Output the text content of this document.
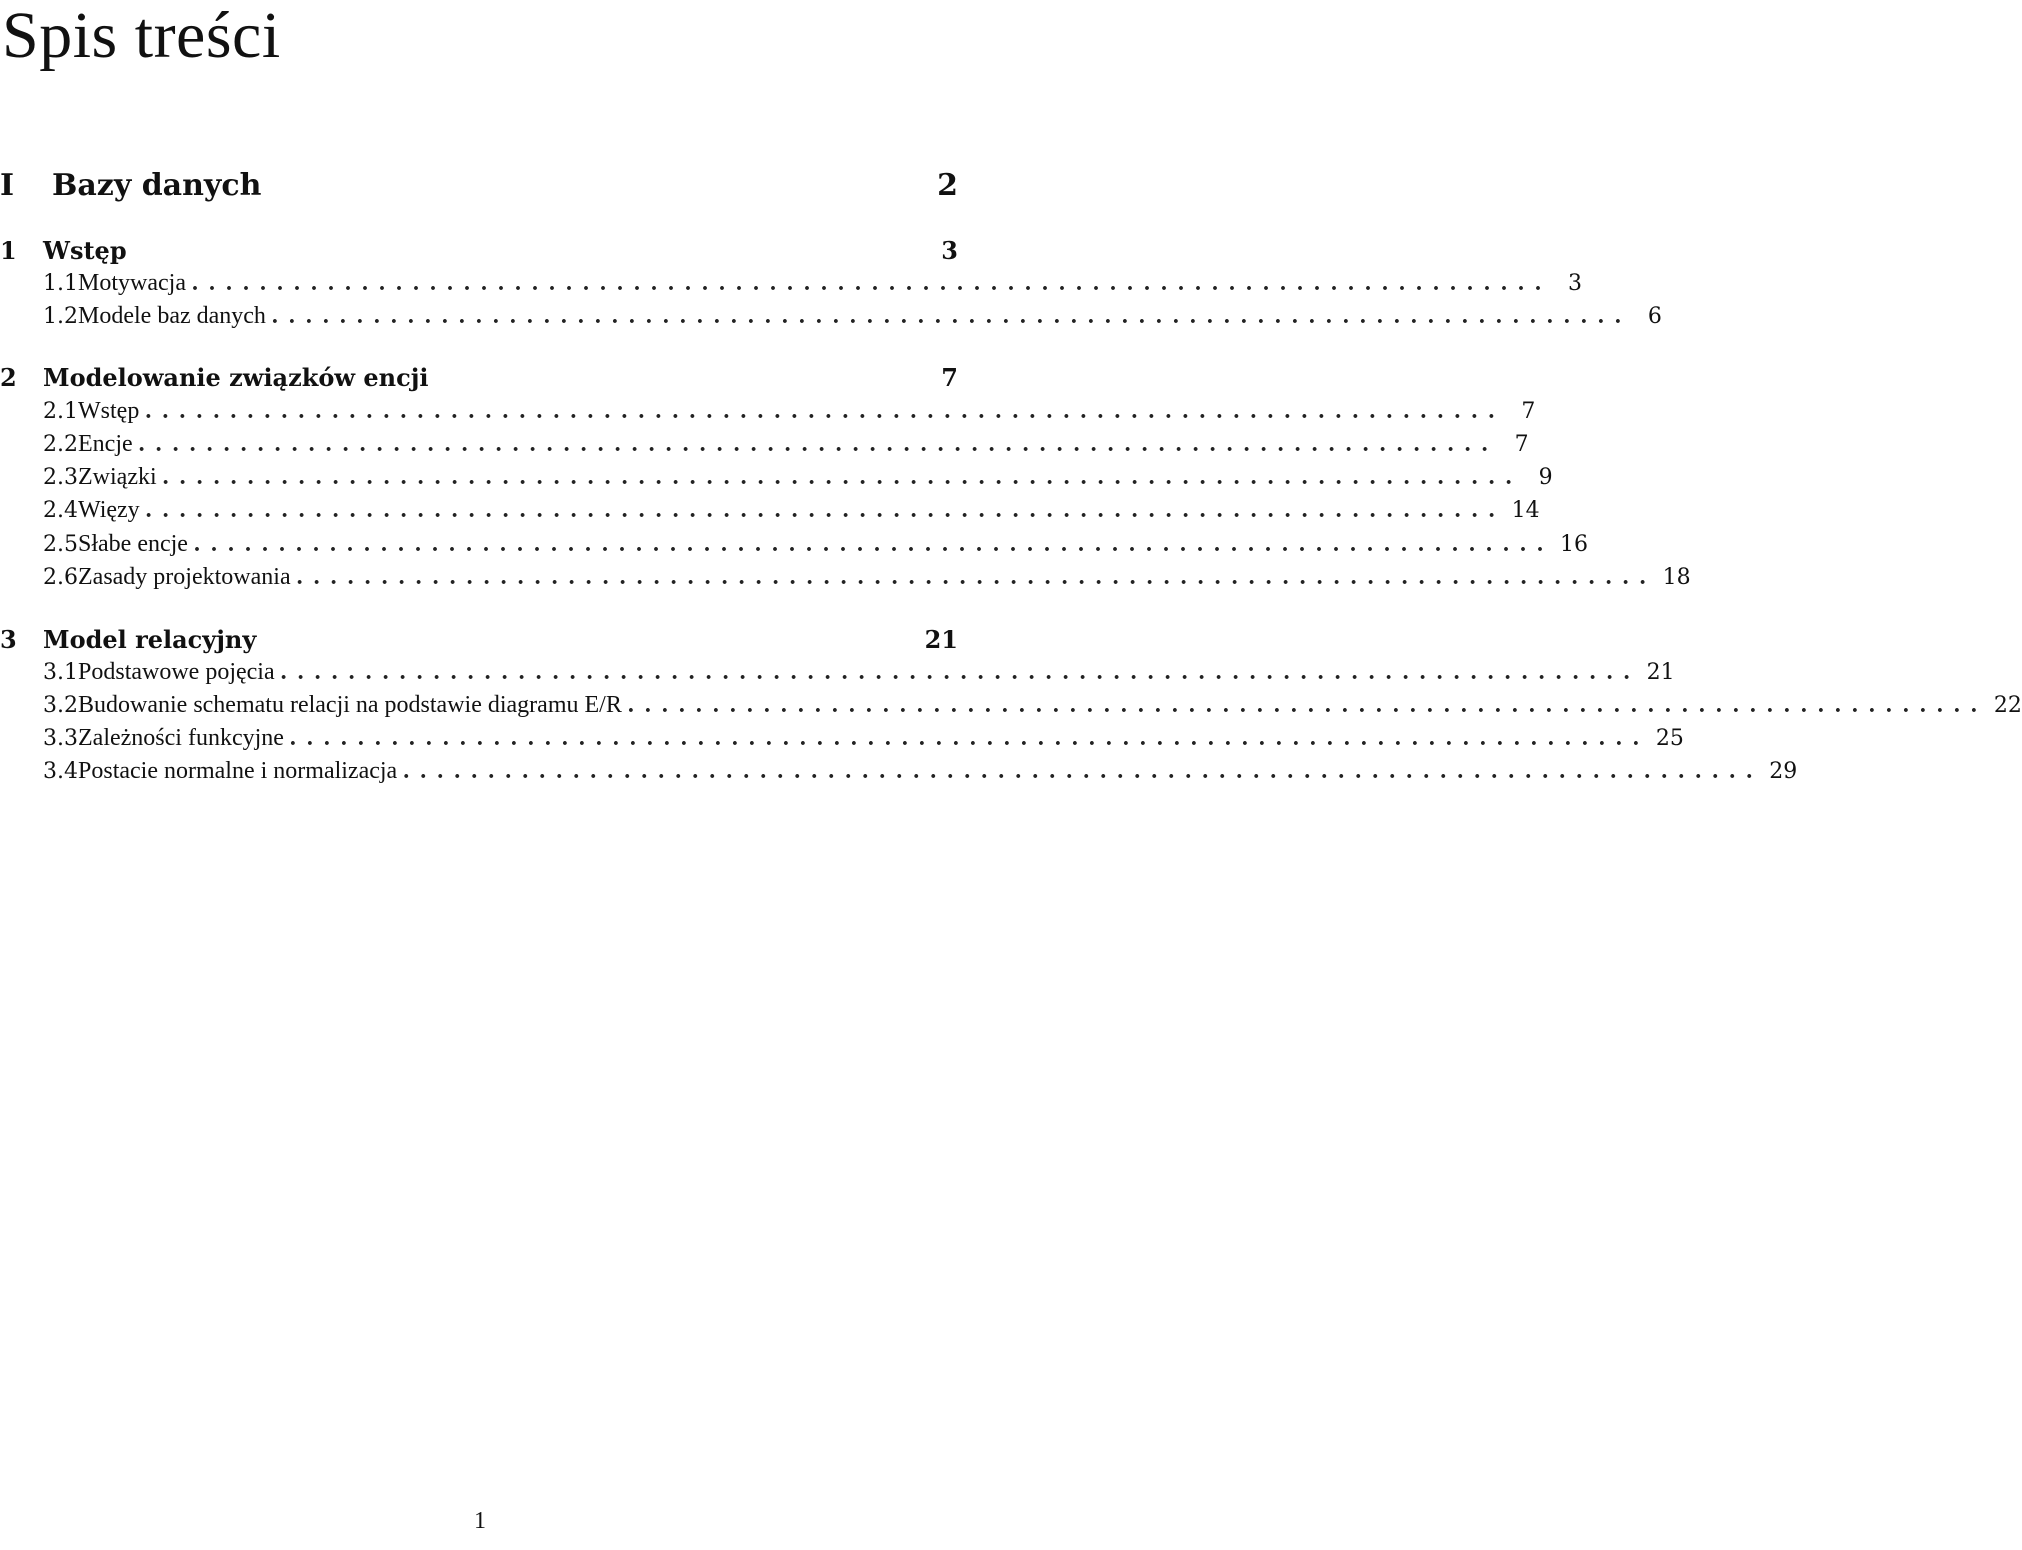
Spis treści
I	Bazy danych	2
1	Wstęp	3
1.1 Motywacja ................................................................................ 3
1.2 Modele baz danych ................................................................................ 6
2	Modelowanie związków encji	7
2.1 Wstęp ................................................................................ 7
2.2 Encje ................................................................................ 7
2.3 Związki ................................................................................ 9
2.4 Więzy ................................................................................ 14
2.5 Słabe encje ................................................................................ 16
2.6 Zasady projektowania ................................................................................ 18
3	Model relacyjny	21
3.1 Podstawowe pojęcia ................................................................................ 21
3.2 Budowanie schematu relacji na podstawie diagramu E/R ................................................................................ 22
3.3 Zależności funkcyjne ................................................................................ 25
3.4 Postacie normalne i normalizacja ................................................................................ 29
1
